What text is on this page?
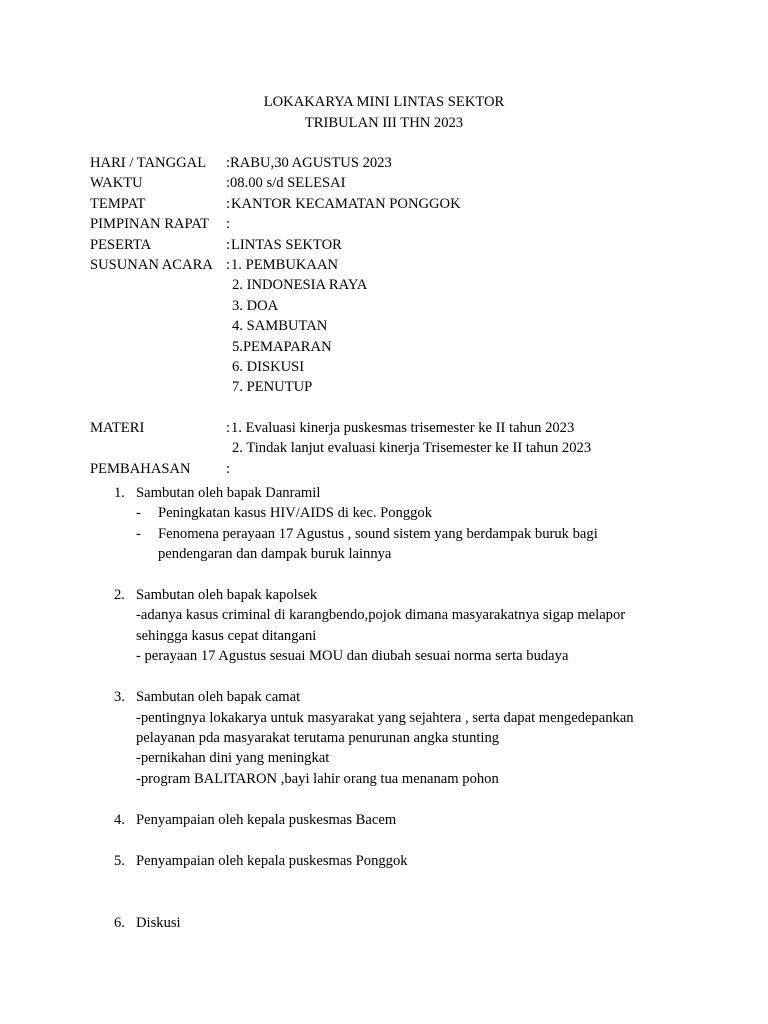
LOKAKARYA MINI LINTAS SEKTOR
TRIBULAN III THN 2023
HARI / TANGGAL : RABU,30 AGUSTUS 2023
WAKTU	: 08.00 s/d SELESAI
TEMPAT	: KANTOR KECAMATAN PONGGOK
PIMPINAN RAPAT :
PESERTA	: LINTAS SEKTOR
SUSUNAN ACARA : 1. PEMBUKAAN
2. INDONESIA RAYA
3. DOA
4. SAMBUTAN
5.PEMAPARAN
6. DISKUSI
7. PENUTUP
MATERI	: 1. Evaluasi kinerja puskesmas trisemester ke II tahun 2023
2. Tindak lanjut evaluasi kinerja Trisemester ke II tahun 2023
PEMBAHASAN :
1. Sambutan oleh bapak Danramil
- Peningkatan kasus HIV/AIDS di kec. Ponggok
- Fenomena perayaan 17 Agustus , sound sistem yang berdampak buruk bagi
pendengaran dan dampak buruk lainnya
2. Sambutan oleh bapak kapolsek
-adanya kasus criminal di karangbendo,pojok dimana masyarakatnya sigap melapor
sehingga kasus cepat ditangani
- perayaan 17 Agustus sesuai MOU dan diubah sesuai norma serta budaya
3. Sambutan oleh bapak camat
-pentingnya lokakarya untuk masyarakat yang sejahtera , serta dapat mengedepankan
pelayanan pda masyarakat terutama penurunan angka stunting
-pernikahan dini yang meningkat
-program BALITARON ,bayi lahir orang tua menanam pohon
4. Penyampaian oleh kepala puskesmas Bacem
5. Penyampaian oleh kepala puskesmas Ponggok
6. Diskusi
